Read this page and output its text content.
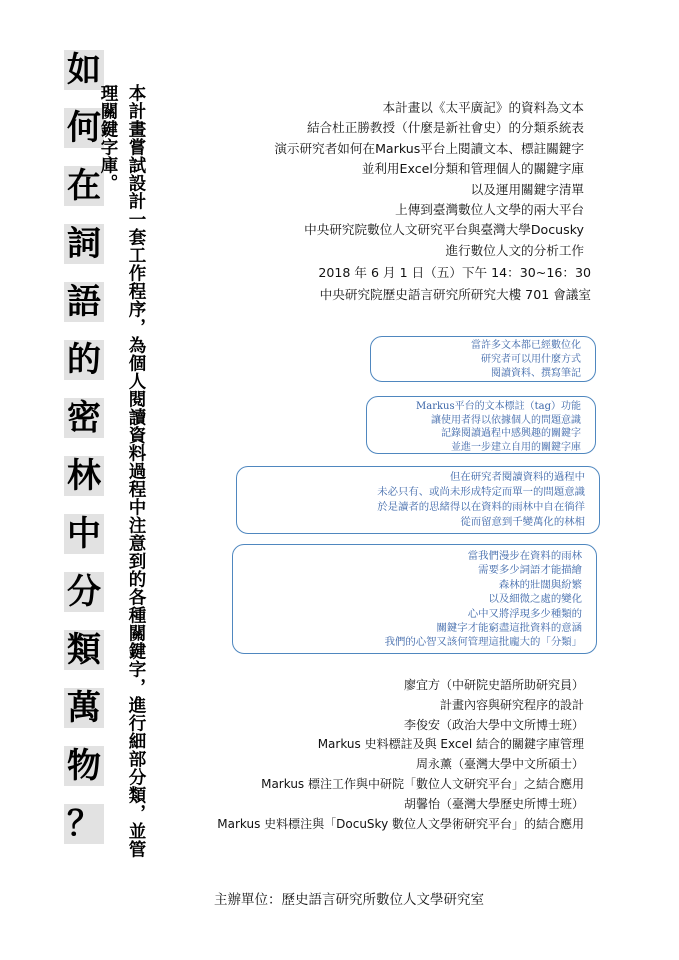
如
何
在
詞
語
的
密
林
中
分
類
萬
物
？ 本計畫嘗試設計一套工作程序，為個人閱讀資料過程中注意到的各種關鍵字，進行細部分類，並管理關鍵字庫。	本計畫以《太平廣記》的資料為文本
結合杜正勝教授（什麼是新社會史）的分類系統表
演示研究者如何在Markus平台上閱讀文本、標註關鍵字
並利用Excel分類和管理個人的關鍵字庫
以及運用關鍵字清單
上傳到臺灣數位人文學的兩大平台
中央研究院數位人文研究平台與臺灣大學Docusky
進行數位人文的分析工作
2018 年 6 月 1 日（五）下午 14：30~16：30
中央研究院歷史語言研究所研究大樓 701 會議室
當許多文本都已經數位化
研究者可以用什麼方式
閱讀資料、撰寫筆記
Markus平台的文本標註（tag）功能
讓使用者得以依據個人的問題意識
記錄閱讀過程中感興趣的關鍵字
並進一步建立自用的關鍵字庫
但在研究者閱讀資料的過程中
未必只有、或尚未形成特定而單一的問題意識
於是讀者的思緒得以在資料的雨林中自在徜徉
從而留意到千變萬化的林相
當我們漫步在資料的雨林
需要多少詞語才能描繪
森林的壯闊與紛繁
以及細微之處的變化
心中又將浮現多少種類的
關鍵字才能窮盡這批資料的意涵
我們的心智又該何管理這批龐大的「分類」
廖宜方（中研院史語所助研究員）
計畫內容與研究程序的設計
李俊安（政治大學中文所博士班）
Markus 史料標註及與 Excel 結合的關鍵字庫管理
周永薰（臺灣大學中文所碩士）
Markus 標注工作與中研院「數位人文研究平台」之結合應用
胡馨怡（臺灣大學歷史所博士班）
Markus 史料標注與「DocuSky 數位人文學術研究平台」的結合應用
主辦單位：歷史語言研究所數位人文學研究室
